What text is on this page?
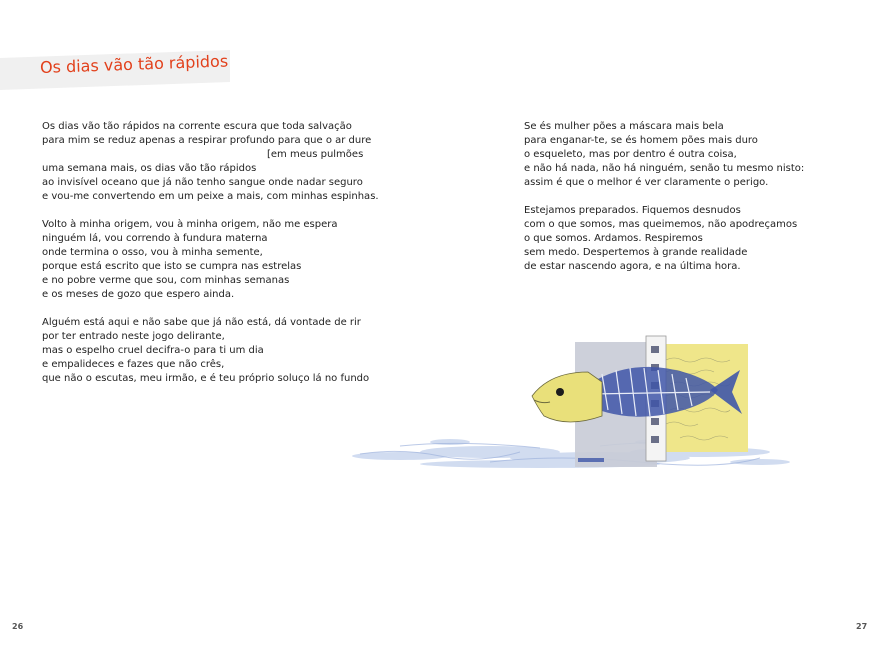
Os dias vão tão rápidos
Os dias vão tão rápidos na corrente escura que toda salvação
para mim se reduz apenas a respirar profundo para que o ar dure
[em meus pulmões
uma semana mais, os dias vão tão rápidos
ao invisível oceano que já não tenho sangue onde nadar seguro
e vou-me convertendo em um peixe a mais, com minhas espinhas.
Volto à minha origem, vou à minha origem, não me espera
ninguém lá, vou correndo à fundura materna
onde termina o osso, vou à minha semente,
porque está escrito que isto se cumpra nas estrelas
e no pobre verme que sou, com minhas semanas
e os meses de gozo que espero ainda.
Alguém está aqui e não sabe que já não está, dá vontade de rir
por ter entrado neste jogo delirante,
mas o espelho cruel decifra-o para ti um dia
e empalideces e fazes que não crês,
que não o escutas, meu irmão, e é teu próprio soluço lá no fundo
Se és mulher pões a máscara mais bela
para enganar-te, se és homem pões mais duro
o esqueleto, mas por dentro é outra coisa,
e não há nada, não há ninguém, senão tu mesmo nisto:
assim é que o melhor é ver claramente o perigo.
Estejamos preparados. Fiquemos desnudos
com o que somos, mas queimemos, não apodreçamos
o que somos. Ardamos. Respiremos
sem medo. Despertemos à grande realidade
de estar nascendo agora, e na última hora.
26	27
